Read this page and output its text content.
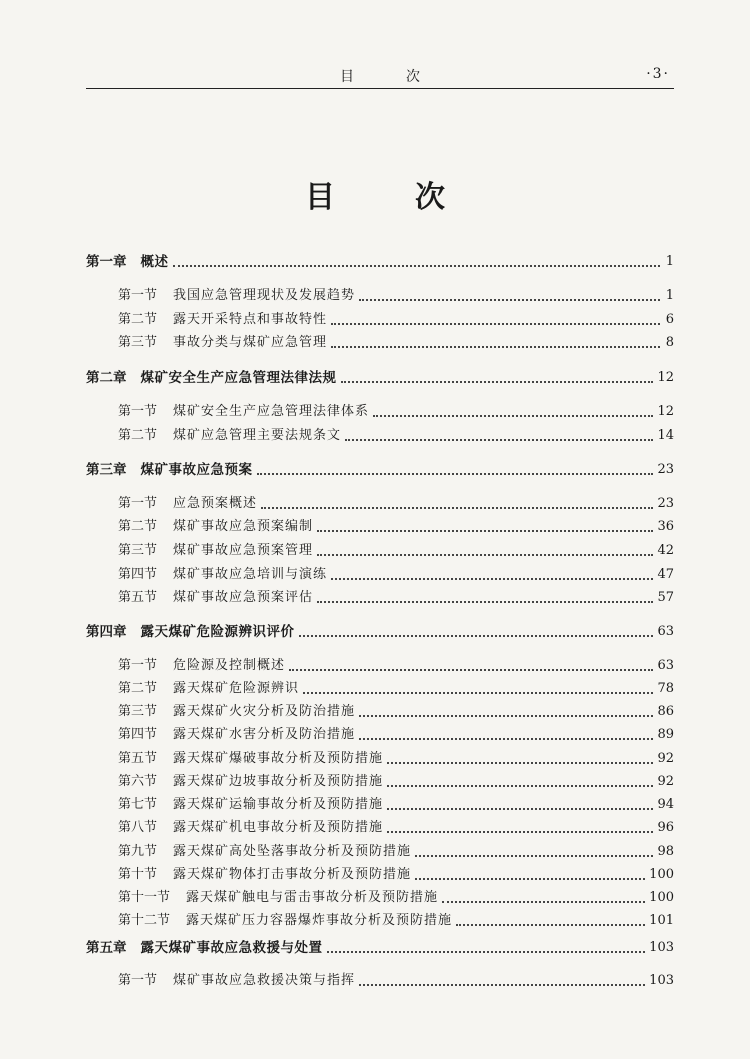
目次	·3·
目次
第一章	概述	1
第一节	我国应急管理现状及发展趋势	1
第二节	露天开采特点和事故特性	6
第三节	事故分类与煤矿应急管理	8
第二章	煤矿安全生产应急管理法律法规	12
第一节	煤矿安全生产应急管理法律体系	12
第二节	煤矿应急管理主要法规条文	14
第三章	煤矿事故应急预案	23
第一节	应急预案概述	23
第二节	煤矿事故应急预案编制	36
第三节	煤矿事故应急预案管理	42
第四节	煤矿事故应急培训与演练	47
第五节	煤矿事故应急预案评估	57
第四章	露天煤矿危险源辨识评价	63
第一节	危险源及控制概述	63
第二节	露天煤矿危险源辨识	78
第三节	露天煤矿火灾分析及防治措施	86
第四节	露天煤矿水害分析及防治措施	89
第五节	露天煤矿爆破事故分析及预防措施	92
第六节	露天煤矿边坡事故分析及预防措施	92
第七节	露天煤矿运输事故分析及预防措施	94
第八节	露天煤矿机电事故分析及预防措施	96
第九节	露天煤矿高处坠落事故分析及预防措施	98
第十节	露天煤矿物体打击事故分析及预防措施	100
第十一节	露天煤矿触电与雷击事故分析及预防措施	100
第十二节	露天煤矿压力容器爆炸事故分析及预防措施	101
第五章	露天煤矿事故应急救援与处置	103
第一节	煤矿事故应急救援决策与指挥	103
